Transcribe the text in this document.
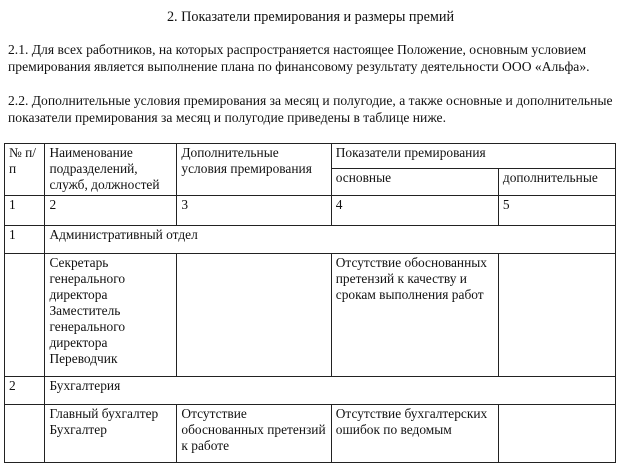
2. Показатели премирования и размеры премий

2.1. Для всех работников, на которых распространяется настоящее Положение, основным условием премирования является выполнение плана по финансовому результату деятельности ООО «Альфа».

2.2. Дополнительные условия премирования за месяц и полугодие, а также основные и дополнительные показатели премирования за месяц и полугодие приведены в таблице ниже.

№ п/п	Наименование подразделений, служб, должностей	Дополнительные условия премирования	Показатели премирования	
			основные	дополнительные
1	2	3	4	5
1	Административный отдел			

	Секретарь генерального директора
Заместитель генерального директора
Переводчик		Отсутствие обоснованных претензий к качеству и срокам выполнения работ	
2	Бухгалтерия			

	Главный бухгалтер
Бухгалтер	Отсутствие обоснованных претензий к работе	Отсутствие бухгалтерских ошибок по ведомым	
